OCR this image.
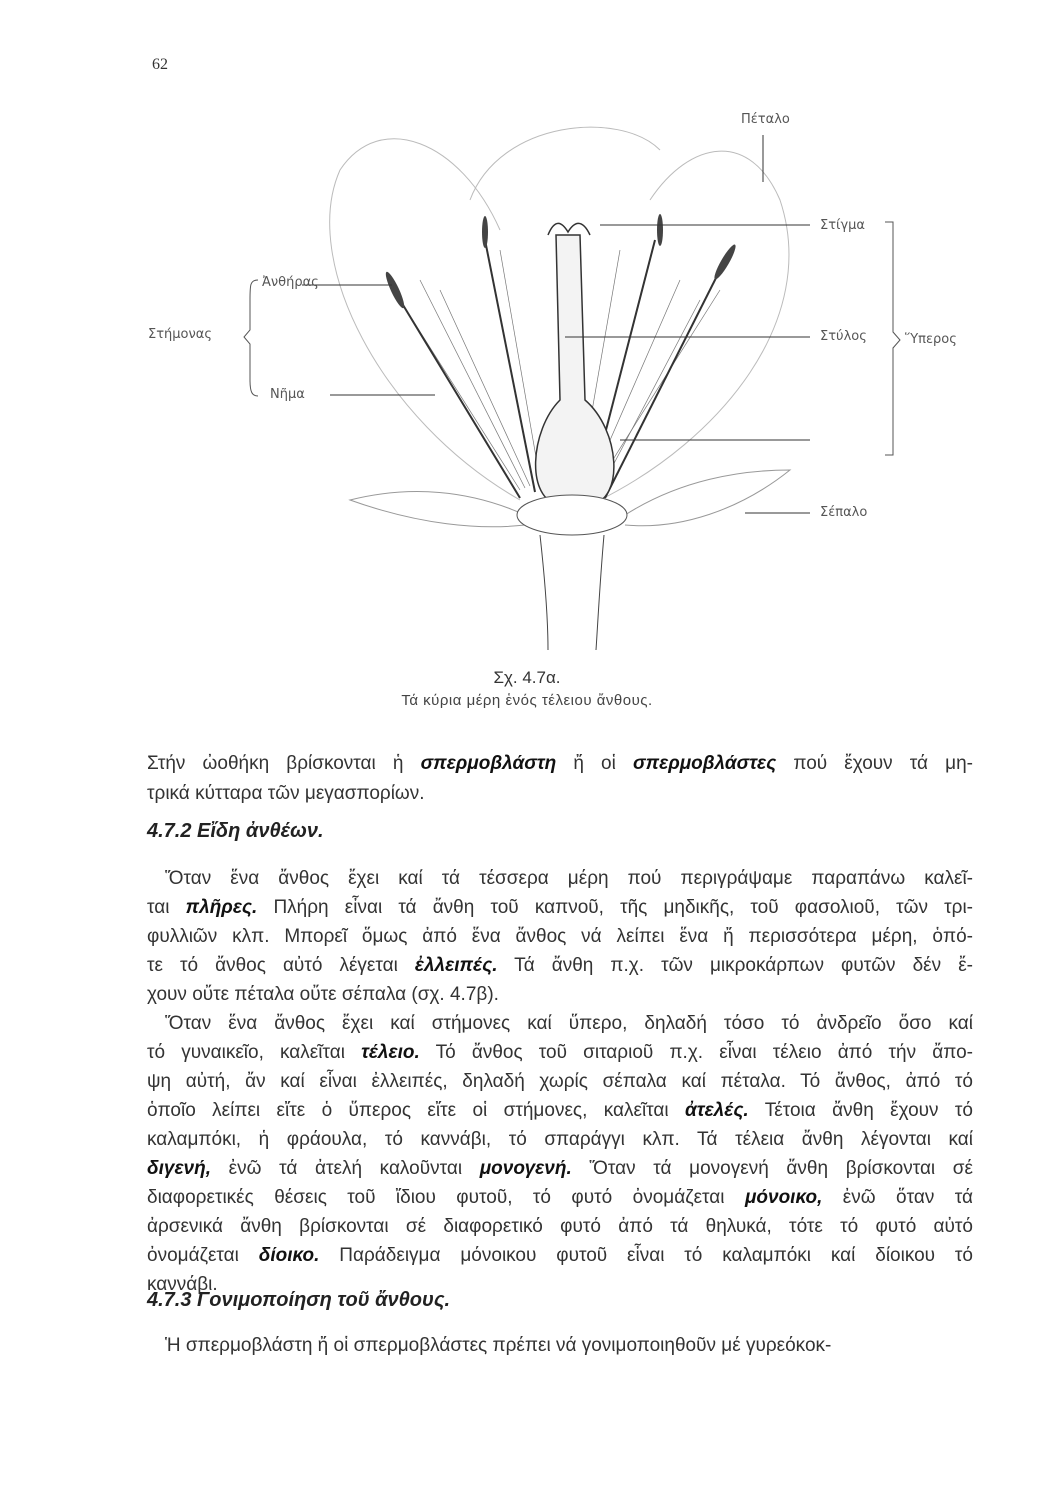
62
Πέταλο
Στίγμα
Ἀνθήρας
Στήμονας	Στύλος	Ὕπερος
Νῆμα
Σέπαλο
Σχ. 4.7α.
Τά κύρια μέρη ἑνός τέλειου ἄνθους.
Στήν ὠοθήκη βρίσκονται ἡ σπερμοβλάστη ἤ οἱ σπερμοβλάστες πού ἔχουν τά μη-
τρικά κύτταρα τῶν μεγασπορίων.
4.7.2 Εἴδη ἀνθέων.
Ὅταν ἕνα ἄνθος ἔχει καί τά τέσσερα μέρη πού περιγράψαμε παραπάνω καλεῖ-
ται πλῆρες. Πλήρη εἶναι τά ἄνθη τοῦ καπνοῦ, τῆς μηδικῆς, τοῦ φασολιοῦ, τῶν τρι-
φυλλιῶν κλπ. Μπορεῖ ὅμως ἀπό ἕνα ἄνθος νά λείπει ἕνα ἤ περισσότερα μέρη, ὁπό-
τε τό ἄνθος αὐτό λέγεται ἐλλειπές. Τά ἄνθη π.χ. τῶν μικροκάρπων φυτῶν δέν ἔ-
χουν οὔτε πέταλα οὔτε σέπαλα (σχ. 4.7β).
Ὅταν ἕνα ἄνθος ἔχει καί στήμονες καί ὕπερο, δηλαδή τόσο τό ἀνδρεῖο ὅσο καί
τό γυναικεῖο, καλεῖται τέλειο. Τό ἄνθος τοῦ σιταριοῦ π.χ. εἶναι τέλειο ἀπό τήν ἄπο-
ψη αὐτή, ἄν καί εἶναι ἐλλειπές, δηλαδή χωρίς σέπαλα καί πέταλα. Τό ἄνθος, ἀπό τό
ὁποῖο λείπει εἴτε ὁ ὕπερος εἴτε οἱ στήμονες, καλεῖται ἀτελές. Τέτοια ἄνθη ἔχουν τό
καλαμπόκι, ἡ φράουλα, τό καννάβι, τό σπαράγγι κλπ. Τά τέλεια ἄνθη λέγονται καί
διγενή, ἐνῶ τά ἀτελή καλοῦνται μονογενή. Ὅταν τά μονογενή ἄνθη βρίσκονται σέ
διαφορετικές θέσεις τοῦ ἴδιου φυτοῦ, τό φυτό ὀνομάζεται μόνοικο, ἐνῶ ὅταν τά
ἀρσενικά ἄνθη βρίσκονται σέ διαφορετικό φυτό ἀπό τά θηλυκά, τότε τό φυτό αὐτό
ὀνομάζεται δίοικο. Παράδειγμα μόνοικου φυτοῦ εἶναι τό καλαμπόκι καί δίοικου τό
καννάβι.
4.7.3 Γονιμοποίηση τοῦ ἄνθους.
Ἡ σπερμοβλάστη ἤ οἱ σπερμοβλάστες πρέπει νά γονιμοποιηθοῦν μέ γυρεόκοκ-
